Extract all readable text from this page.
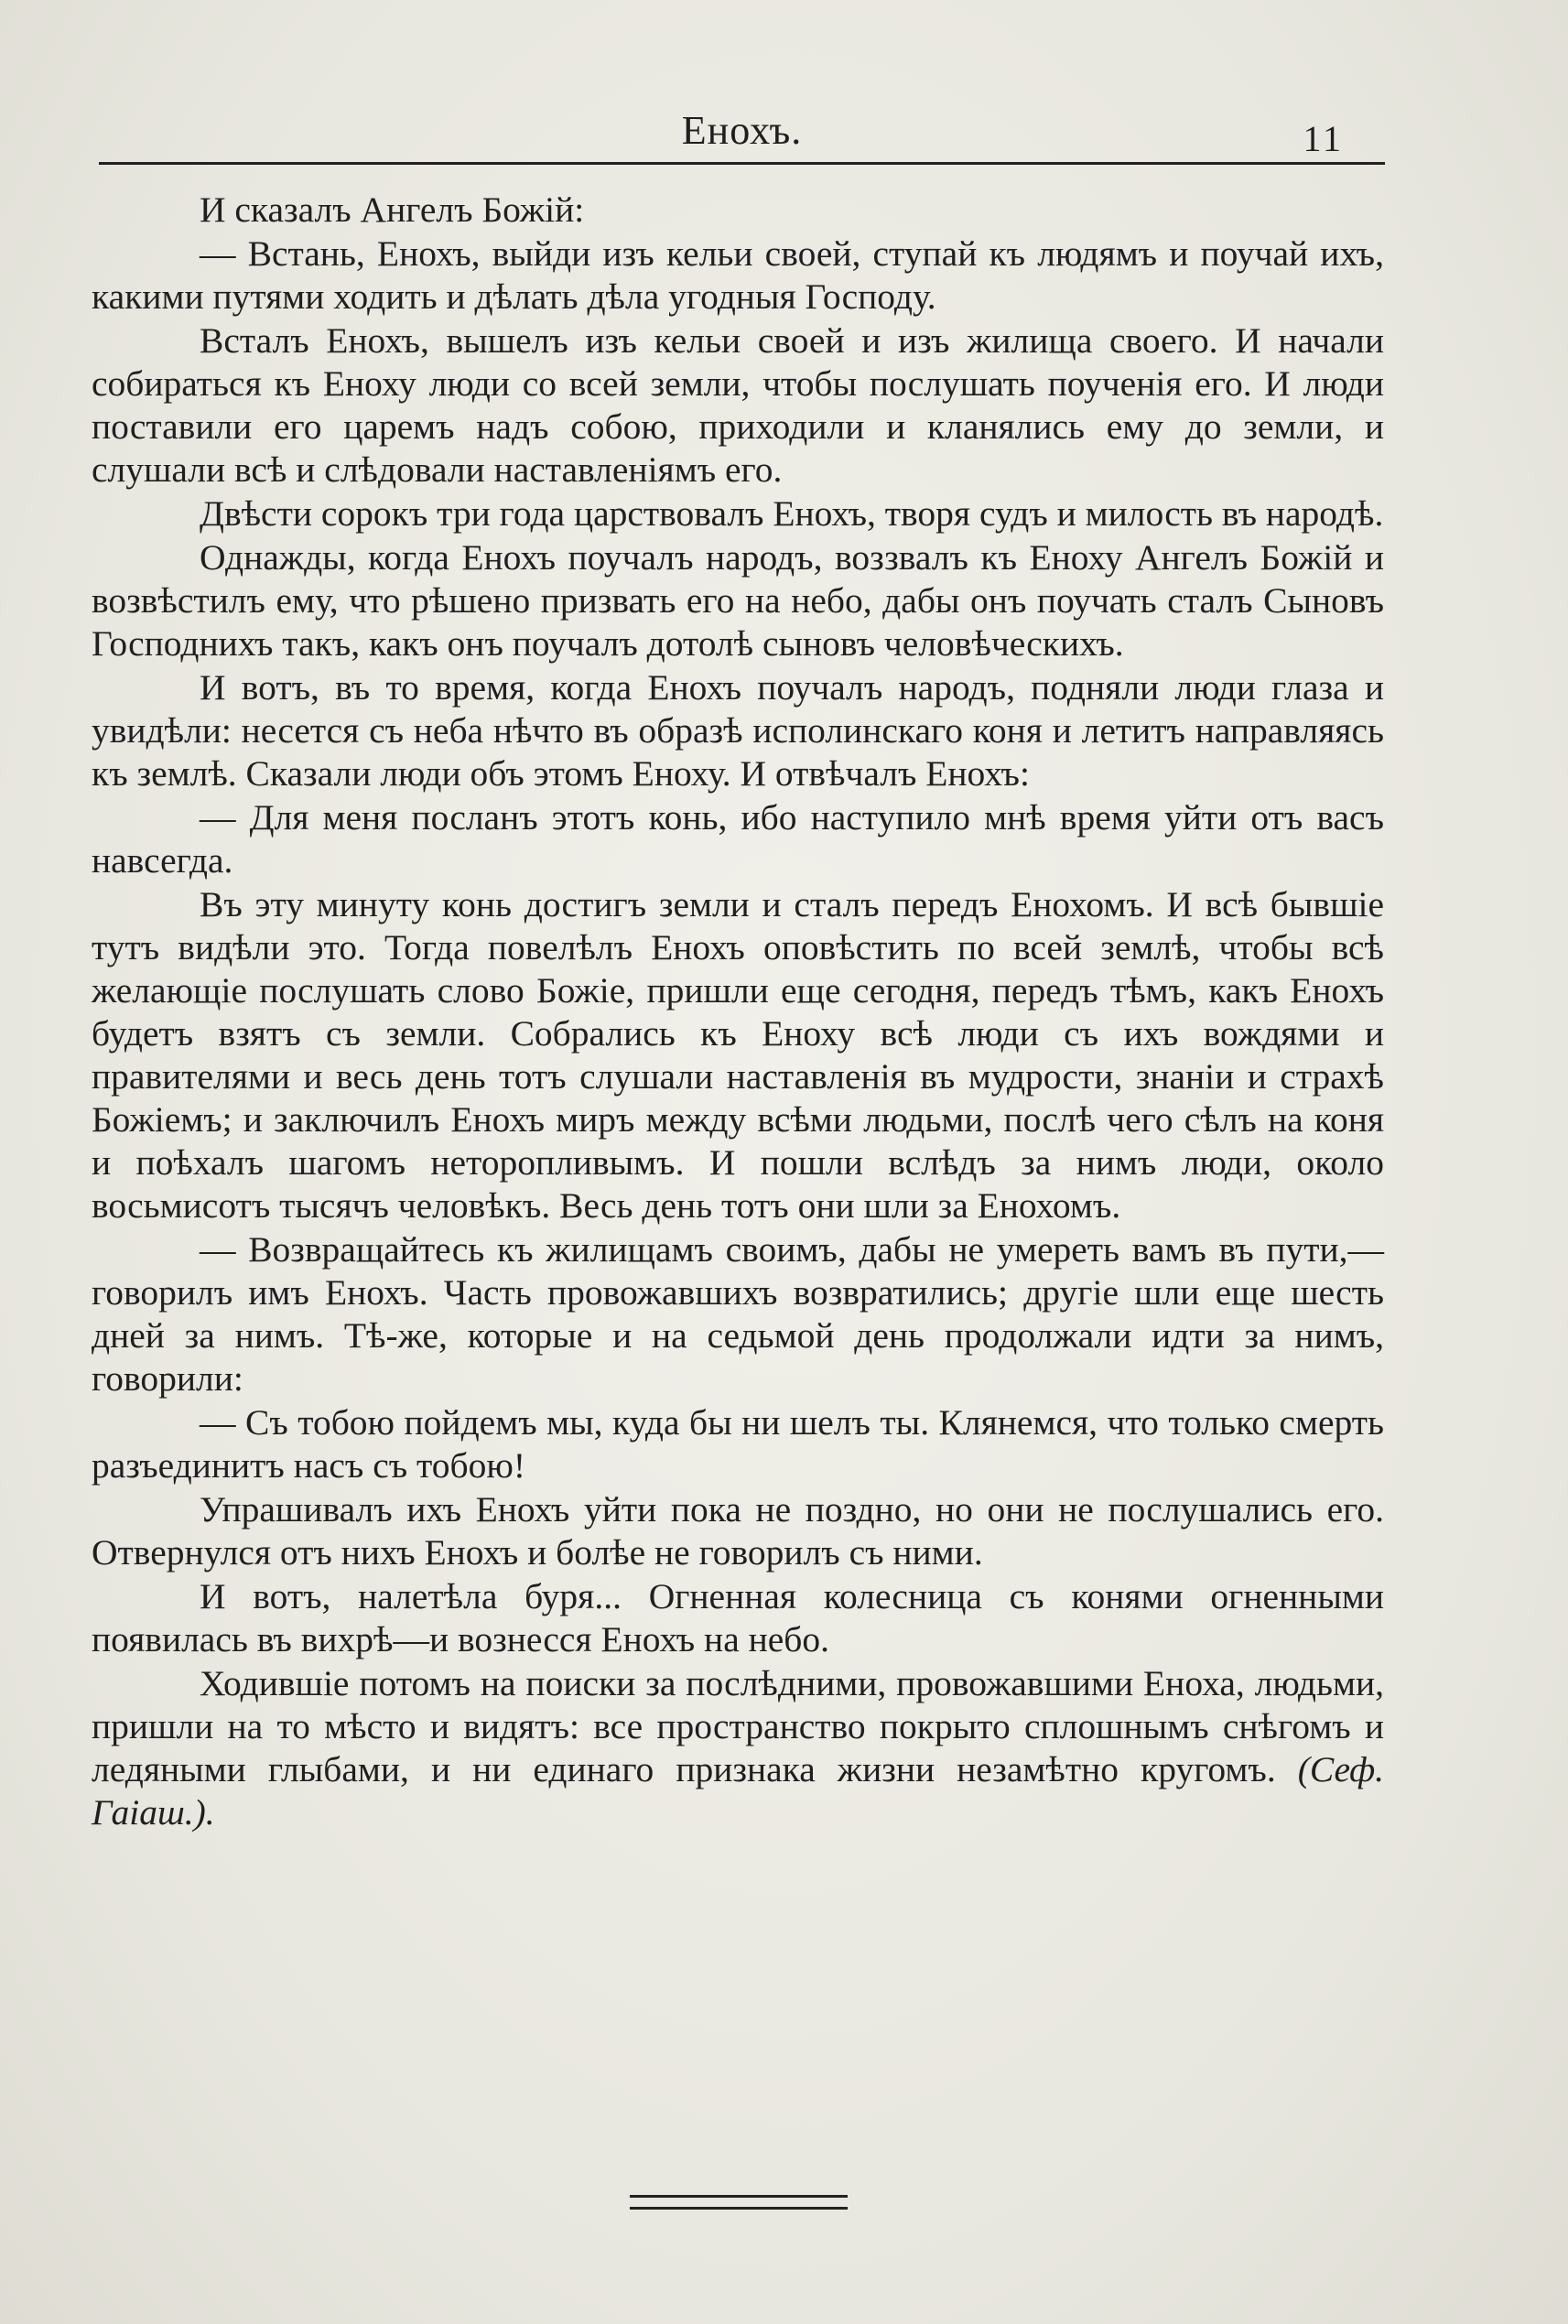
Енохъ.	11

И сказалъ Ангелъ Божій:

— Встань, Енохъ, выйди изъ кельи своей, ступай къ людямъ и поучай ихъ, какими путями ходить и дѣлать дѣла угодныя Господу.

Всталъ Енохъ, вышелъ изъ кельи своей и изъ жилища своего. И начали собираться къ Еноху люди со всей земли, чтобы послушать поученія его. И люди поставили его царемъ надъ собою, приходили и кланялись ему до земли, и слушали всѣ и слѣдовали наставленіямъ его.

Двѣсти сорокъ три года царствовалъ Енохъ, творя судъ и милость въ народѣ.

Однажды, когда Енохъ поучалъ народъ, воззвалъ къ Еноху Ангелъ Божій и возвѣстилъ ему, что рѣшено призвать его на небо, дабы онъ поучать сталъ Сыновъ Господнихъ такъ, какъ онъ поучалъ дотолѣ сыновъ человѣческихъ.

И вотъ, въ то время, когда Енохъ поучалъ народъ, подняли люди глаза и увидѣли: несется съ неба нѣчто въ образѣ исполинскаго коня и летитъ направляясь къ землѣ. Сказали люди объ этомъ Еноху. И отвѣчалъ Енохъ:

— Для меня посланъ этотъ конь, ибо наступило мнѣ время уйти отъ васъ навсегда.

Въ эту минуту конь достигъ земли и сталъ передъ Енохомъ. И всѣ бывшіе тутъ видѣли это. Тогда повелѣлъ Енохъ оповѣстить по всей землѣ, чтобы всѣ желающіе послушать слово Божіе, пришли еще сегодня, передъ тѣмъ, какъ Енохъ будетъ взятъ съ земли. Собрались къ Еноху всѣ люди съ ихъ вождями и правителями и весь день тотъ слушали наставленія въ мудрости, знаніи и страхѣ Божіемъ; и заключилъ Енохъ миръ между всѣми людьми, послѣ чего сѣлъ на коня и поѣхалъ шагомъ неторопливымъ. И пошли вслѣдъ за нимъ люди, около восьмисотъ тысячъ человѣкъ. Весь день тотъ они шли за Енохомъ.

— Возвращайтесь къ жилищамъ своимъ, дабы не умереть вамъ въ пути,—говорилъ имъ Енохъ. Часть провожавшихъ возвратились; другіе шли еще шесть дней за нимъ. Тѣ-же, которые и на седьмой день продолжали идти за нимъ, говорили:

— Съ тобою пойдемъ мы, куда бы ни шелъ ты. Клянемся, что только смерть разъединитъ насъ съ тобою!

Упрашивалъ ихъ Енохъ уйти пока не поздно, но они не послушались его. Отвернулся отъ нихъ Енохъ и болѣе не говорилъ съ ними.

И вотъ, налетѣла буря... Огненная колесница съ конями огненными появилась въ вихрѣ—и вознесся Енохъ на небо.

Ходившіе потомъ на поиски за послѣдними, провожавшими Еноха, людьми, пришли на то мѣсто и видятъ: все пространство покрыто сплошнымъ снѣгомъ и ледяными глыбами, и ни единаго признака жизни незамѣтно кругомъ. (Сеф. Гаіаш.).
